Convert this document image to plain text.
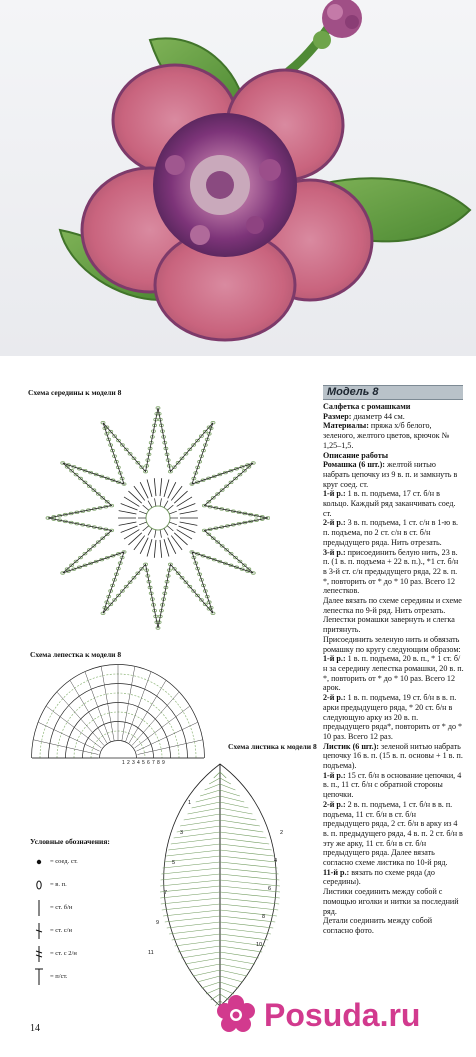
Схема середины к модели 8
Схема лепестка к модели 8
1 2 3 4 5 6 7 8 9
Схема листика к модели 8
11
9
7
5
3
1
2
4
6
8
10
Условные обозначения:
= соед. ст.
= в. п.
= ст. б/н
= ст. с/н
= ст. с 2/н
= п/ст.
14
Модель 8

Салфетка с ромашками

Размер: диаметр 44 см.

Материалы: пряжа х/б белого, зеленого, желтого цветов, крючок № 1,25–1,5.

Описание работы

Ромашка (6 шт.): желтой нитью набрать цепочку из 9 в. п. и замкнуть в круг соед. ст.

1-й р.: 1 в. п. подъема, 17 ст. б/н в кольцо. Каждый ряд заканчивать соед. ст.

2-й р.: 3 в. п. подъема, 1 ст. с/н в 1-ю в. п. подъема, по 2 ст. с/н в ст. б/н предыдущего ряда. Нить отрезать.

3-й р.: присоединить белую нить, 23 в. п. (1 в. п. подъема + 22 в. п.)., *1 ст. б/н в 3-й ст. с/н предыдущего ряда, 22 в. п. *, повторить от * до * 10 раз. Всего 12 лепестков.

Далее вязать по схеме середины и схеме лепестка по 9-й ряд. Нить отрезать.

Лепестки ромашки завернуть и слегка притянуть.

Присоединить зеленую нить и обвязать ромашку по кругу следующим образом: 1-й р.: 1 в. п. подъема, 20 в. п., * 1 ст. б/н за середину лепестка ромашки, 20 в. п. *, повторить от * до * 10 раз. Всего 12 арок.

2-й р.: 1 в. п. подъема, 19 ст. б/н в в. п. арки предыдущего ряда, * 20 ст. б/н в следующую арку из 20 в. п. предыдущего ряда*, повторить от * до * 10 раз. Всего 12 раз.

Листик (6 шт.): зеленой нитью набрать цепочку 16 в. п. (15 в. п. основы + 1 в. п. подъема).

1-й р.: 15 ст. б/н в основание цепочки, 4 в. п., 11 ст. б/н с обратной стороны цепочки.

2-й р.: 2 в. п. подъема, 1 ст. б/н в в. п. подъема, 11 ст. б/н в ст. б/н предыдущего ряда, 2 ст. б/н в арку из 4 в. п. предыдущего ряда, 4 в. п. 2 ст. б/н в эту же арку, 11 ст. б/н в ст. б/н предыдущего ряда. Далее вязать согласно схеме листика по 10-й ряд.

11-й р.: вязать по схеме ряда (до середины).

Листики соединить между собой с помощью иголки и нитки за последний ряд.

Детали соединить между собой согласно фото.

Posuda.ru
